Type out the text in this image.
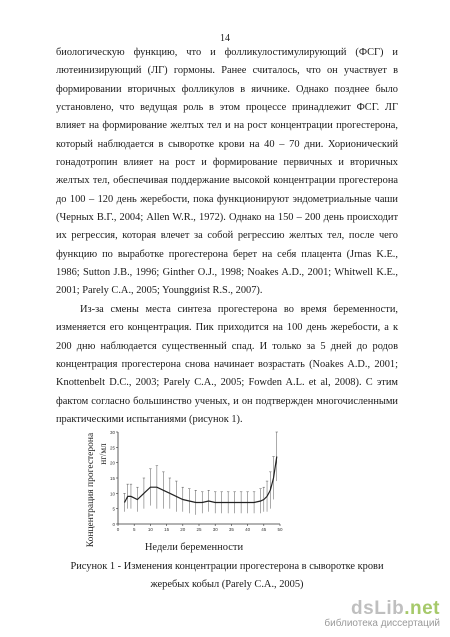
14

биологическую функцию, что и фолликулостимулирующий (ФСГ) и лютеинизирующий (ЛГ) гормоны. Ранее считалось, что он участвует в формировании вторичных фолликулов в яичнике. Однако позднее было установлено, что ведущая роль в этом процессе принадлежит ФСГ. ЛГ влияет на формирование желтых тел и на рост концентрации прогестерона, который наблюдается в сыворотке крови на 40 – 70 дни. Хорионический гонадотропин влияет на рост и формирование первичных и вторичных желтых тел, обеспечивая поддержание высокой концентрации прогестерона до 100 – 120 день жеребости, пока функционируют эндометриальные чаши (Черных В.Г., 2004; Allen W.R., 1972). Однако на 150 – 200 день происходит их регрессия, которая влечет за собой регрессию желтых тел, после чего функцию по выработке прогестерона берет на себя плацента (Jrnas K.E., 1986; Sutton J.B., 1996; Ginther O.J., 1998; Noakes A.D., 2001; Whitwell K.E., 2001; Parely C.A., 2005; Younggиist R.S., 2007).

Из-за смены места синтеза прогестерона во время беременности, изменяется его концентрация. Пик приходится на 100 день жеребости, а к 200 дню наблюдается существенный спад. И только за 5 дней до родов концентрация прогестерона снова начинает возрастать (Noakes A.D., 2001; Knottenbelt D.C., 2003; Parely C.A., 2005; Fowden A.L. et al, 2008). С этим фактом согласно большинство ученых, и он подтвержден многочисленными практическими испытаниями (рисунок 1).

Концентрация прогестерона нг/мл
0
5
10
15
20
25
30
0	5	10 15 20 25 30 35 40 45 50
Недели беременности
Рисунок 1 - Изменения концентрации прогестерона в сыворотке крови
жеребых кобыл (Parely C.A., 2005)
dsLib.net
библиотека диссертаций
